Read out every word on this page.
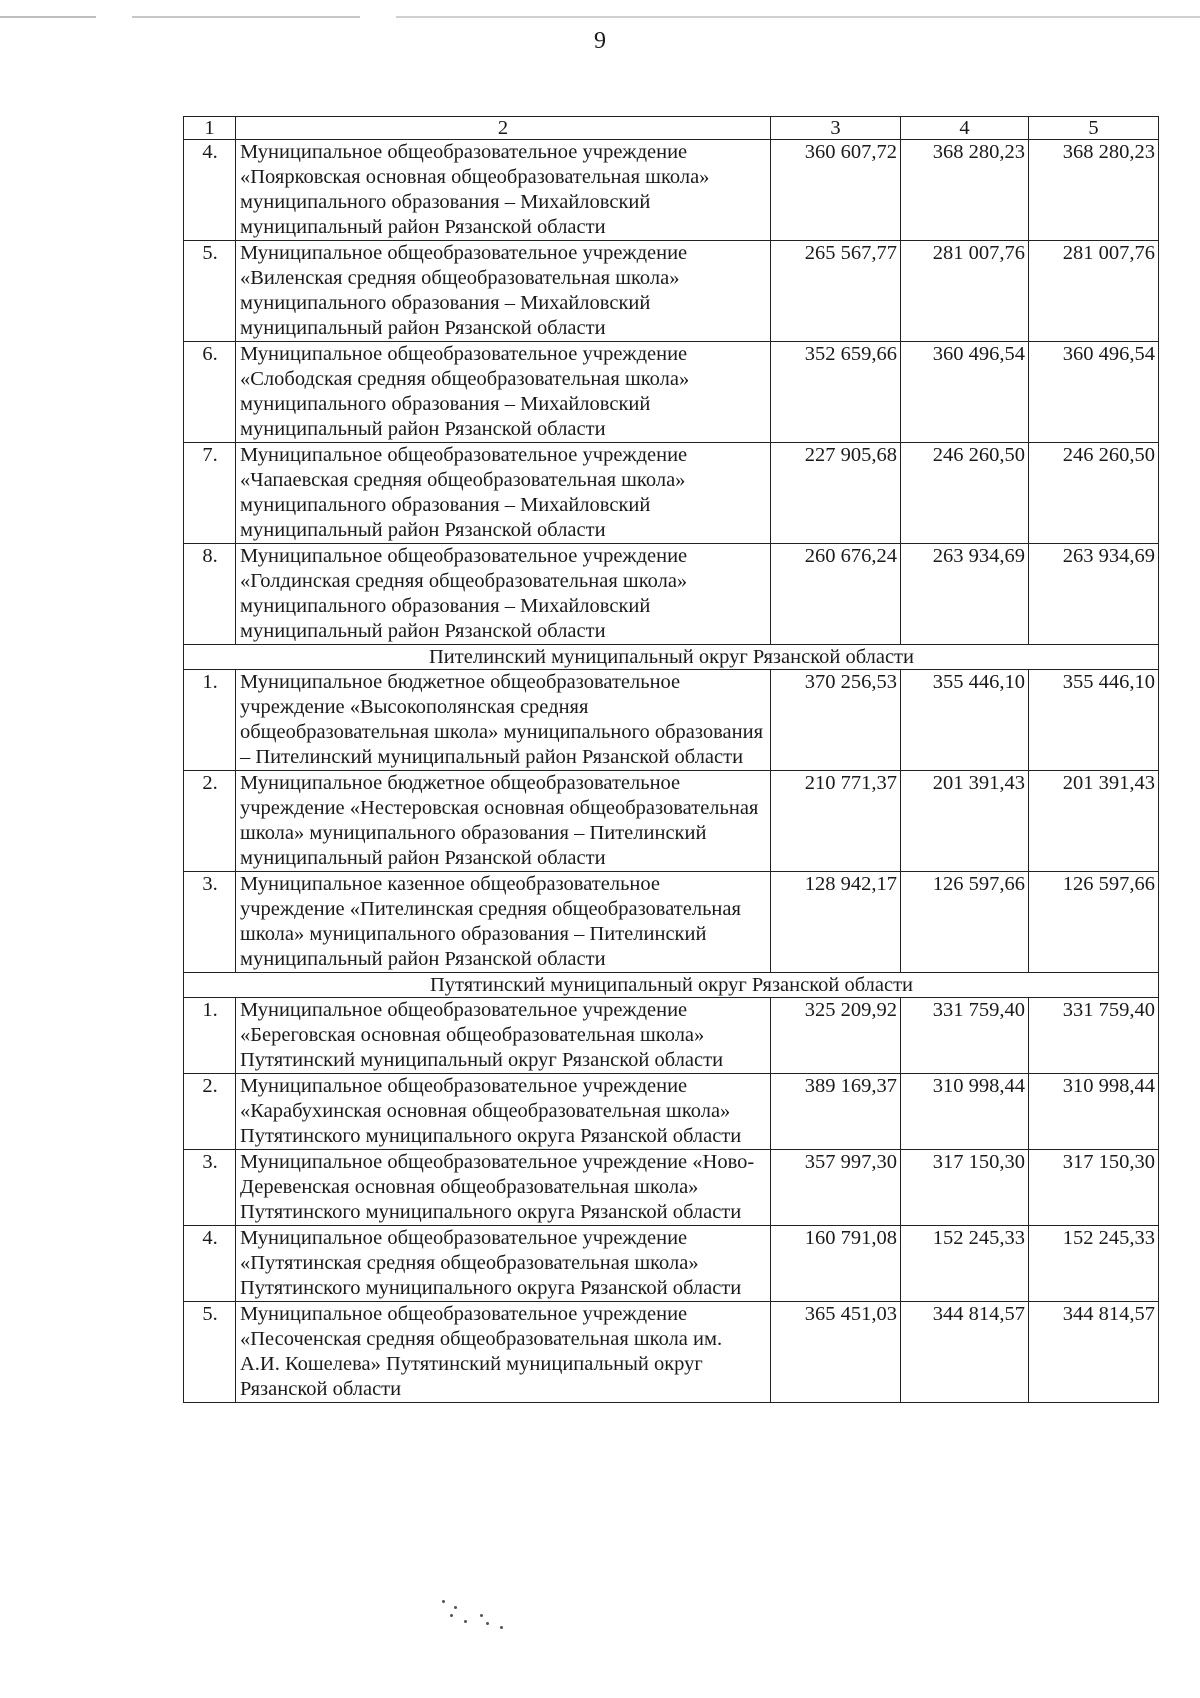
9
1	2	3	4	5
4.	Муниципальное общеобразовательное учреждение «Поярковская основная общеобразовательная школа» муниципального образования – Михайловский муниципальный район Рязанской области	360 607,72	368 280,23	368 280,23
5.	Муниципальное общеобразовательное учреждение «Виленская средняя общеобразовательная школа» муниципального образования – Михайловский муниципальный район Рязанской области	265 567,77	281 007,76	281 007,76
6.	Муниципальное общеобразовательное учреждение «Слободская средняя общеобразовательная школа» муниципального образования – Михайловский муниципальный район Рязанской области	352 659,66	360 496,54	360 496,54
7.	Муниципальное общеобразовательное учреждение «Чапаевская средняя общеобразовательная школа» муниципального образования – Михайловский муниципальный район Рязанской области	227 905,68	246 260,50	246 260,50
8.	Муниципальное общеобразовательное учреждение «Голдинская средняя общеобразовательная школа» муниципального образования – Михайловский муниципальный район Рязанской области	260 676,24	263 934,69	263 934,69
Пителинский муниципальный округ Рязанской области				
1.	Муниципальное бюджетное общеобразовательное учреждение «Высокополянская средняя общеобразовательная школа» муниципального образования – Пителинский муниципальный район Рязанской области	370 256,53	355 446,10	355 446,10
2.	Муниципальное бюджетное общеобразовательное учреждение «Нестеровская основная общеобразовательная школа» муниципального образования – Пителинский муниципальный район Рязанской области	210 771,37	201 391,43	201 391,43
3.	Муниципальное казенное общеобразовательное учреждение «Пителинская средняя общеобразовательная школа» муниципального образования – Пителинский муниципальный район Рязанской области	128 942,17	126 597,66	126 597,66
Путятинский муниципальный округ Рязанской области				
1.	Муниципальное общеобразовательное учреждение «Береговская основная общеобразовательная школа» Путятинский муниципальный округ Рязанской области	325 209,92	331 759,40	331 759,40
2.	Муниципальное общеобразовательное учреждение «Карабухинская основная общеобразовательная школа» Путятинского муниципального округа Рязанской области	389 169,37	310 998,44	310 998,44
3.	Муниципальное общеобразовательное учреждение «Ново-Деревенская основная общеобразовательная школа» Путятинского муниципального округа Рязанской области	357 997,30	317 150,30	317 150,30
4.	Муниципальное общеобразовательное учреждение «Путятинская средняя общеобразовательная школа» Путятинского муниципального округа Рязанской области	160 791,08	152 245,33	152 245,33
5.	Муниципальное общеобразовательное учреждение «Песоченская средняя общеобразовательная школа им. А.И. Кошелева» Путятинский муниципальный округ Рязанской области	365 451,03	344 814,57	344 814,57
